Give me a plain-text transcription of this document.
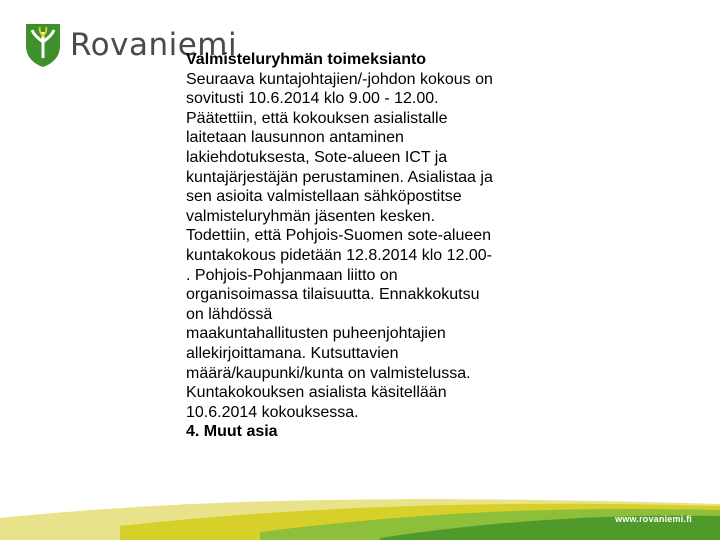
Rovaniemi

Valmisteluryhmän toimeksianto

Seuraava kuntajohtajien/-johdon kokous on
sovitusti 10.6.2014 klo 9.00 - 12.00.
Päätettiin, että kokouksen asialistalle
laitetaan lausunnon antaminen
lakiehdotuksesta, Sote-alueen ICT ja
kuntajärjestäjän perustaminen. Asialistaa ja
sen asioita valmistellaan sähköpostitse
valmisteluryhmän jäsenten kesken.
Todettiin, että Pohjois-Suomen sote-alueen
kuntakokous pidetään 12.8.2014 klo 12.00-
. Pohjois-Pohjanmaan liitto on
organisoimassa tilaisuutta. Ennakkokutsu
on lähdössä
maakuntahallitusten puheenjohtajien
allekirjoittamana. Kutsuttavien
määrä/kaupunki/kunta on valmistelussa.
Kuntakokouksen asialista käsitellään
10.6.2014 kokouksessa.

4. Muut asia

www.rovaniemi.fi
